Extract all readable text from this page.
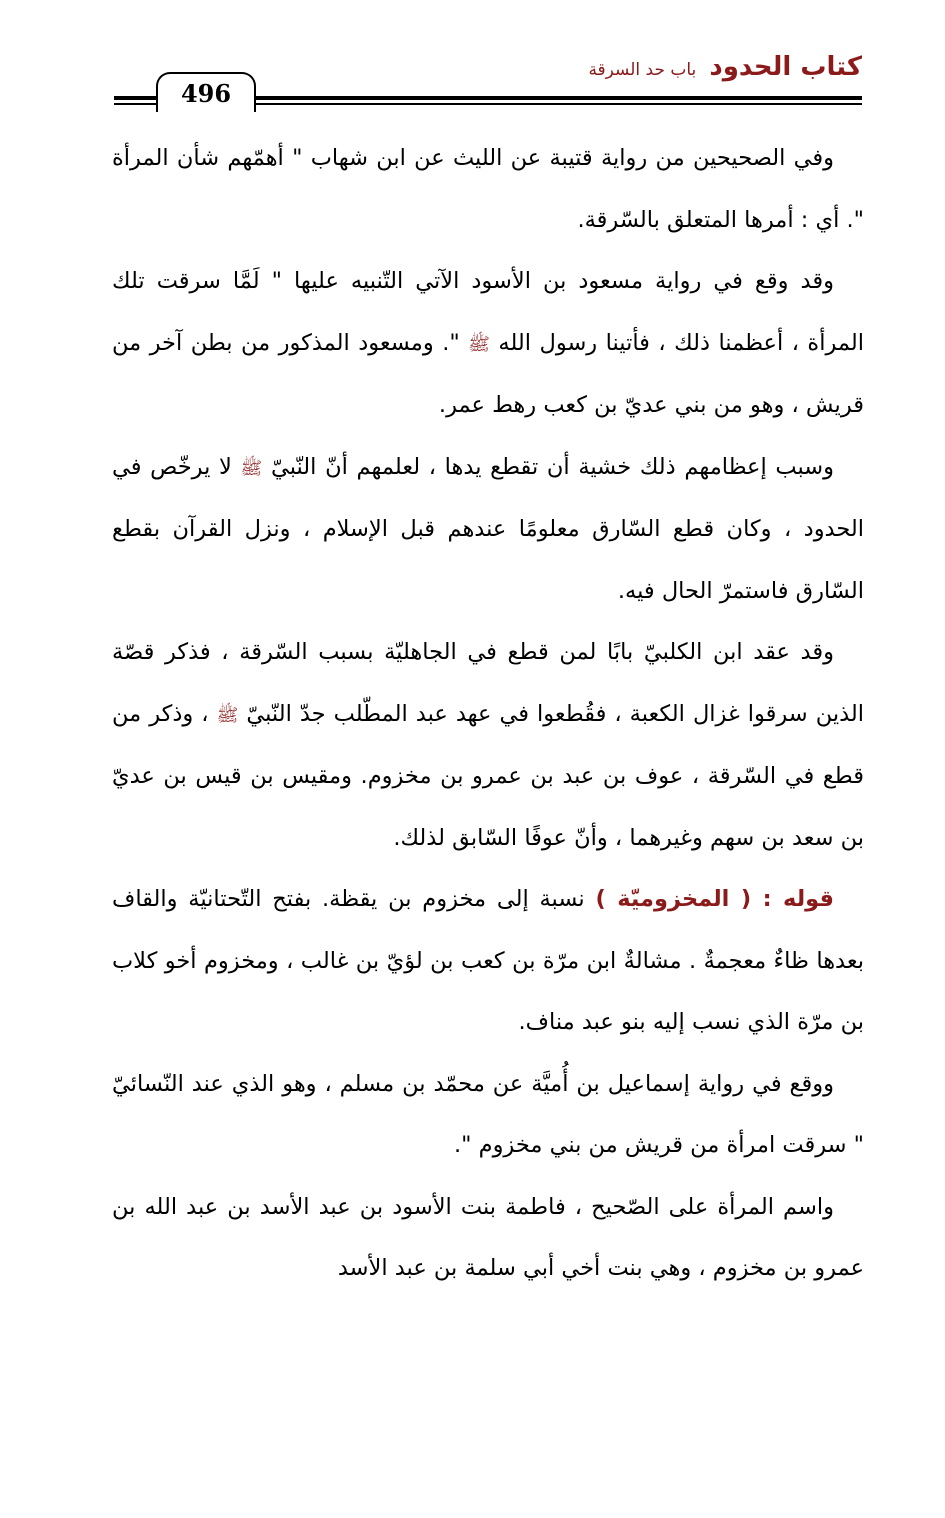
كتاب الحدود باب حد السرقة
496

وفي الصحيحين من رواية قتيبة عن الليث عن ابن شهاب " أهمّهم شأن المرأة ". أي : أمرها المتعلق بالسّرقة.

وقد وقع في رواية مسعود بن الأسود الآتي التّنبيه عليها " لَمَّا سرقت تلك المرأة ، أعظمنا ذلك ، فأتينا رسول الله ﷺ ". ومسعود المذكور من بطن آخر من قريش ، وهو من بني عديّ بن كعب رهط عمر.

وسبب إعظامهم ذلك خشية أن تقطع يدها ، لعلمهم أنّ النّبيّ ﷺ لا يرخّص في الحدود ، وكان قطع السّارق معلومًا عندهم قبل الإسلام ، ونزل القرآن بقطع السّارق فاستمرّ الحال فيه.

وقد عقد ابن الكلبيّ بابًا لمن قطع في الجاهليّة بسبب السّرقة ، فذكر قصّة الذين سرقوا غزال الكعبة ، فقُطعوا في عهد عبد المطّلب جدّ النّبيّ ﷺ ، وذكر من قطع في السّرقة ، عوف بن عبد بن عمرو بن مخزوم. ومقيس بن قيس بن عديّ بن سعد بن سهم وغيرهما ، وأنّ عوفًا السّابق لذلك.

قوله : ( المخزوميّة ) نسبة إلى مخزوم بن يقظة. بفتح التّحتانيّة والقاف بعدها ظاءٌ معجمةٌ . مشالةٌ ابن مرّة بن كعب بن لؤيّ بن غالب ، ومخزوم أخو كلاب بن مرّة الذي نسب إليه بنو عبد مناف.

ووقع في رواية إسماعيل بن أُميَّة عن محمّد بن مسلم ، وهو الذي عند النّسائيّ " سرقت امرأة من قريش من بني مخزوم ".

واسم المرأة على الصّحيح ، فاطمة بنت الأسود بن عبد الأسد بن عبد الله بن عمرو بن مخزوم ، وهي بنت أخي أبي سلمة بن عبد الأسد
